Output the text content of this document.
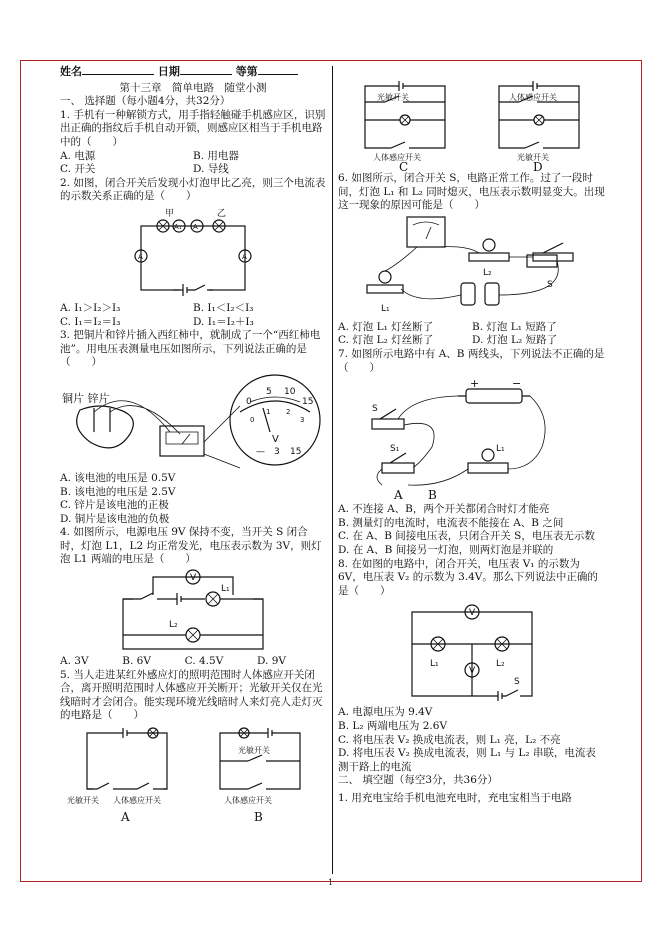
姓名	日期	等第

第十三章　简单电路　随堂小测

一、 选择题（每小题4分，共32分）

1. 手机有一种解锁方式，用手指轻触碰手机感应区，识别出正确的指纹后手机自动开锁，则感应区相当于手机电路中的（　　）

A. 电源	B. 用电器

C. 开关	D. 导线

2. 如图，闭合开关后发现小灯泡甲比乙亮，则三个电流表的示数关系正确的是（　　）

甲	乙
A₁ A
A	A

A. I₁＞I₂＞I₃	B. I₁＜I₂＜I₃

C. I₁＝I₂＝I₃	D. I₁＝I₂＋I₃

3. 把铜片和锌片插入西红柿中，就制成了一个“西红柿电池”。用电压表测量电压如图所示，下列说法正确的是（　　）

铜片 锌片	0
5 10
15
0
1 2
3
V
— 3 15

A. 该电池的电压是 0.5V

B. 该电池的电压是 2.5V

C. 锌片是该电池的正极

D. 铜片是该电池的负极

4. 如图所示，电源电压 9V 保持不变，当开关 S 闭合时，灯泡 L1，L2 均正常发光，电压表示数为 3V，则灯泡 L1 两端的电压是（　　）

V
L₁
L₂

A. 3V	B. 6V	C. 4.5V	D. 9V

5. 当人走进某红外感应灯的照明范围时人体感应开关闭合，离开照明范围时人体感应开关断开；光敏开关仅在光线暗时才会闭合。能实现环境光线暗时人来灯亮人走灯灭的电路是（　　）

光敏开关 人体感应开关
A
光敏开关
人体感应开关
B
光敏开关
人体感应开关
C
人体感应开关
光敏开关
D

6. 如图所示，闭合开关 S，电路正常工作。过了一段时间，灯泡 L₁ 和 L₂ 同时熄灭，电压表示数明显变大。出现这一现象的原因可能是（　　）

L₂
S
L₁

A. 灯泡 L₁ 灯丝断了	B. 灯泡 L₁ 短路了

C. 灯泡 L₂ 灯丝断了	D. 灯泡 L₂ 短路了

7. 如图所示电路中有 A、B 两线头，下列说法不正确的是（　　）

+	−
S
S₁	L₁
A B

A. 不连接 A、B，两个开关都闭合时灯才能亮

B. 测量灯的电流时，电流表不能接在 A、B 之间

C. 在 A、B 间接电压表，只闭合开关 S，电压表无示数

D. 在 A、B 间接另一灯泡，则两灯泡是并联的

8. 在如图的电路中，闭合开关，电压表 V₁ 的示数为 6V，电压表 V₂ 的示数为 3.4V。那么下列说法中正确的是（　　）

V
L₁	L₂
V
S

A. 电源电压为 9.4V

B. L₂ 两端电压为 2.6V

C. 将电压表 V₂ 换成电流表，则 L₁ 亮，L₂ 不亮

D. 将电压表 V₂ 换成电流表，则 L₁ 与 L₂ 串联，电流表测干路上的电流

二、 填空题（每空3分，共36分）

1. 用充电宝给手机电池充电时，充电宝相当于电路

1
